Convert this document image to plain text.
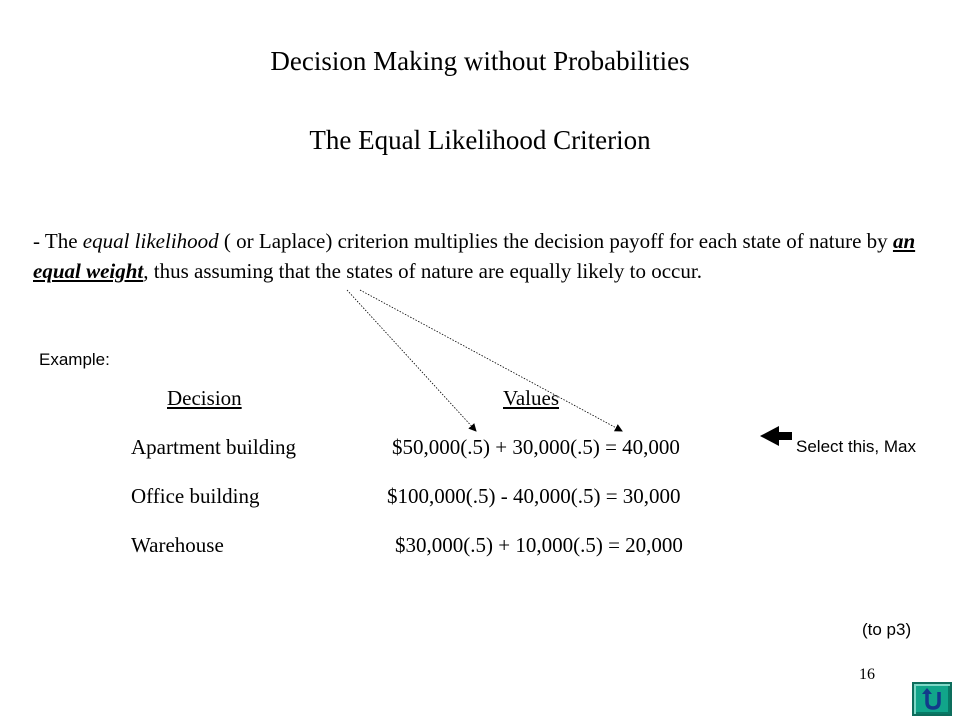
Decision Making without Probabilities
The Equal Likelihood Criterion
- The equal likelihood ( or Laplace) criterion multiplies the decision payoff for each state of nature by an equal weight, thus assuming that the states of nature are equally likely to occur.
Example:
Decision	Values
Apartment building	$50,000(.5) + 30,000(.5) = 40,000
Office building	$100,000(.5) - 40,000(.5) = 30,000
Warehouse	$30,000(.5) + 10,000(.5) = 20,000
Select this, Max
(to p3)
16
